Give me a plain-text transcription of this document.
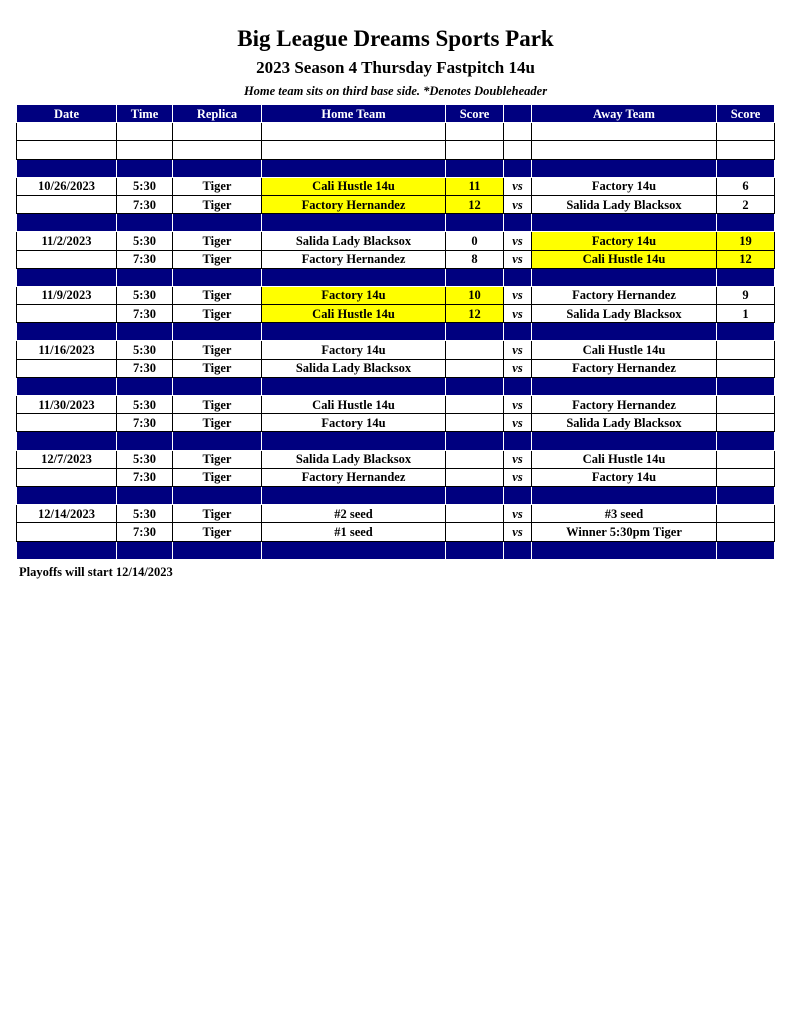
Big League Dreams Sports Park
2023 Season 4 Thursday Fastpitch 14u
Home team sits on third base side. *Denotes Doubleheader
Date	Time	Replica	Home Team	Score		Away Team	Score

10/26/2023	5:30	Tiger	Cali Hustle 14u	11	vs	Factory 14u	6
	7:30	Tiger	Factory Hernandez	12	vs	Salida Lady Blacksox	2

11/2/2023	5:30	Tiger	Salida Lady Blacksox	0	vs	Factory 14u	19
	7:30	Tiger	Factory Hernandez	8	vs	Cali Hustle 14u	12

11/9/2023	5:30	Tiger	Factory 14u	10	vs	Factory Hernandez	9
	7:30	Tiger	Cali Hustle 14u	12	vs	Salida Lady Blacksox	1

11/16/2023	5:30	Tiger	Factory 14u		vs	Cali Hustle 14u	
	7:30	Tiger	Salida Lady Blacksox		vs	Factory Hernandez	

11/30/2023	5:30	Tiger	Cali Hustle 14u		vs	Factory Hernandez	
	7:30	Tiger	Factory 14u		vs	Salida Lady Blacksox	

12/7/2023	5:30	Tiger	Salida Lady Blacksox		vs	Cali Hustle 14u	
	7:30	Tiger	Factory Hernandez		vs	Factory 14u	

12/14/2023	5:30	Tiger	#2 seed		vs	#3 seed	
	7:30	Tiger	#1 seed		vs	Winner 5:30pm Tiger	

Playoffs will start 12/14/2023
